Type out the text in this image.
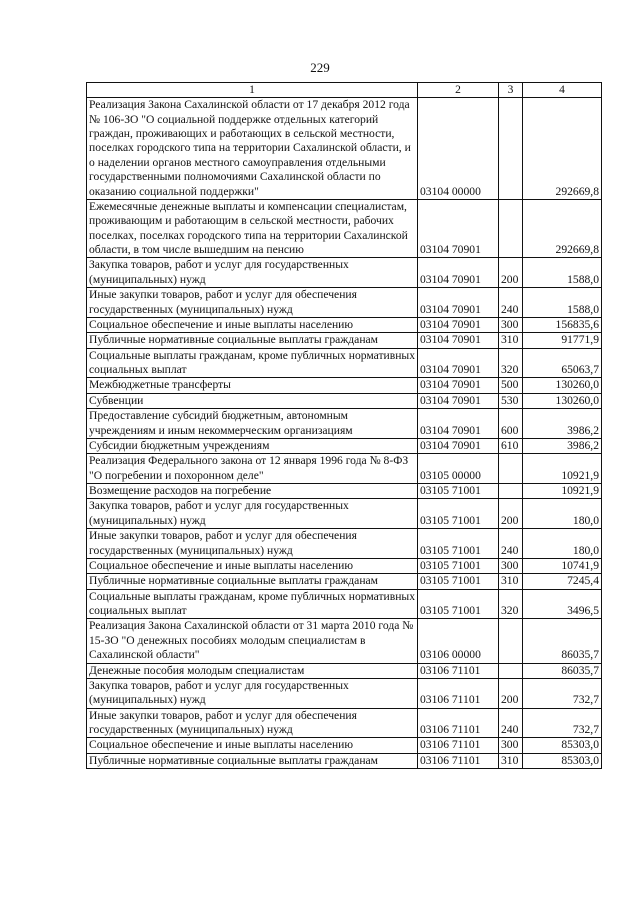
229
1	2	3	4
Реализация Закона Сахалинской области от 17 декабря 2012 года № 106-ЗО "О социальной поддержке отдельных категорий граждан, проживающих и работающих в сельской местности, поселках городского типа на территории Сахалинской области, и о наделении органов местного самоуправления отдельными государственными полномочиями Сахалинской области по оказанию социальной поддержки"	03104 00000		292669,8
Ежемесячные денежные выплаты и компенсации специалистам, проживающим и работающим в сельской местности, рабочих поселках, поселках городского типа на территории Сахалинской области, в том числе вышедшим на пенсию	03104 70901		292669,8
Закупка товаров, работ и услуг для государственных (муниципальных) нужд	03104 70901	200	1588,0
Иные закупки товаров, работ и услуг для обеспечения государственных (муниципальных) нужд	03104 70901	240	1588,0
Социальное обеспечение и иные выплаты населению	03104 70901	300	156835,6
Публичные нормативные социальные выплаты гражданам	03104 70901	310	91771,9
Социальные выплаты гражданам, кроме публичных нормативных социальных выплат	03104 70901	320	65063,7
Межбюджетные трансферты	03104 70901	500	130260,0
Субвенции	03104 70901	530	130260,0
Предоставление субсидий бюджетным, автономным учреждениям и иным некоммерческим организациям	03104 70901	600	3986,2
Субсидии бюджетным учреждениям	03104 70901	610	3986,2
Реализация Федерального закона от 12 января 1996 года № 8-ФЗ "О погребении и похоронном деле"	03105 00000		10921,9
Возмещение расходов на погребение	03105 71001		10921,9
Закупка товаров, работ и услуг для государственных (муниципальных) нужд	03105 71001	200	180,0
Иные закупки товаров, работ и услуг для обеспечения государственных (муниципальных) нужд	03105 71001	240	180,0
Социальное обеспечение и иные выплаты населению	03105 71001	300	10741,9
Публичные нормативные социальные выплаты гражданам	03105 71001	310	7245,4
Социальные выплаты гражданам, кроме публичных нормативных социальных выплат	03105 71001	320	3496,5
Реализация Закона Сахалинской области от 31 марта 2010 года № 15-ЗО "О денежных пособиях молодым специалистам в Сахалинской области"	03106 00000		86035,7
Денежные пособия молодым специалистам	03106 71101		86035,7
Закупка товаров, работ и услуг для государственных (муниципальных) нужд	03106 71101	200	732,7
Иные закупки товаров, работ и услуг для обеспечения государственных (муниципальных) нужд	03106 71101	240	732,7
Социальное обеспечение и иные выплаты населению	03106 71101	300	85303,0
Публичные нормативные социальные выплаты гражданам	03106 71101	310	85303,0
